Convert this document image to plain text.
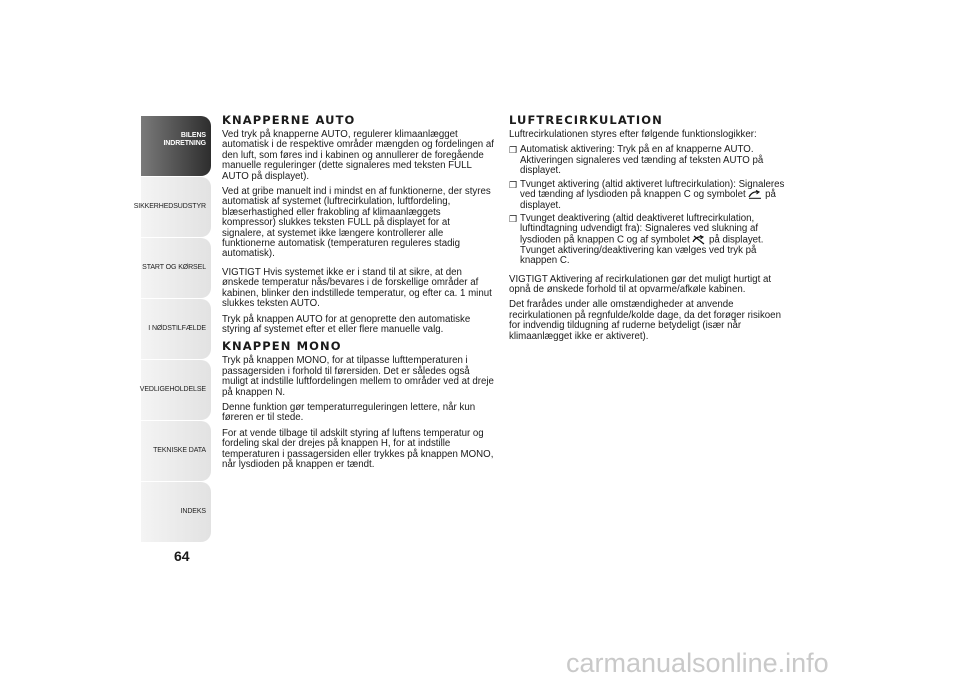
BILENS
INDRETNING
SIKKERHEDSUDSTYR
START OG KØRSEL
I NØDSTILFÆLDE
VEDLIGEHOLDELSE
TEKNISKE DATA
INDEKS
64
KNAPPERNE AUTO

Ved tryk på knapperne AUTO, regulerer klimaanlægget automatisk i de respektive områder mængden og fordelingen af den luft, som føres ind i kabinen og annullerer de foregående manuelle reguleringer (dette signaleres med teksten FULL AUTO på displayet).

Ved at gribe manuelt ind i mindst en af funktionerne, der styres automatisk af systemet (luftrecirkulation, luftfordeling, blæserhastighed eller frakobling af klimaanlæggets kompressor) slukkes teksten FULL på displayet for at signalere, at systemet ikke længere kontrollerer alle funktionerne automatisk (temperaturen reguleres stadig automatisk).

VIGTIGT Hvis systemet ikke er i stand til at sikre, at den ønskede temperatur nås/bevares i de forskellige områder af kabinen, blinker den indstillede temperatur, og efter ca. 1 minut slukkes teksten AUTO.

Tryk på knappen AUTO for at genoprette den automatiske styring af systemet efter et eller flere manuelle valg.

KNAPPEN MONO

Tryk på knappen MONO, for at tilpasse lufttemperaturen i passagersiden i forhold til førersiden. Det er således også muligt at indstille luftfordelingen mellem to områder ved at dreje på knappen N.

Denne funktion gør temperaturreguleringen lettere, når kun føreren er til stede.

For at vende tilbage til adskilt styring af luftens temperatur og fordeling skal der drejes på knappen H, for at indstille temperaturen i passagersiden eller trykkes på knappen MONO, når lysdioden på knappen er tændt.

LUFTRECIRKULATION

Luftrecirkulationen styres efter følgende funktionslogikker:

❒ Automatisk aktivering: Tryk på en af knapperne AUTO. Aktiveringen signaleres ved tænding af teksten AUTO på displayet.
❒ Tvunget aktivering (altid aktiveret luftrecirkulation): Signaleres ved tænding af lysdioden på knappen C og symbolet på displayet.
❒ Tvunget deaktivering (altid deaktiveret luftrecirkulation, luftindtagning udvendigt fra): Signaleres ved slukning af lysdioden på knappen C og af symbolet på displayet. Tvunget aktivering/deaktivering kan vælges ved tryk på knappen C.

VIGTIGT Aktivering af recirkulationen gør det muligt hurtigt at opnå de ønskede forhold til at opvarme/afkøle kabinen.

Det frarådes under alle omstændigheder at anvende recirkulationen på regnfulde/kolde dage, da det forøger risikoen for indvendig tildugning af ruderne betydeligt (især når klimaanlægget ikke er aktiveret).

carmanualsonline.info
